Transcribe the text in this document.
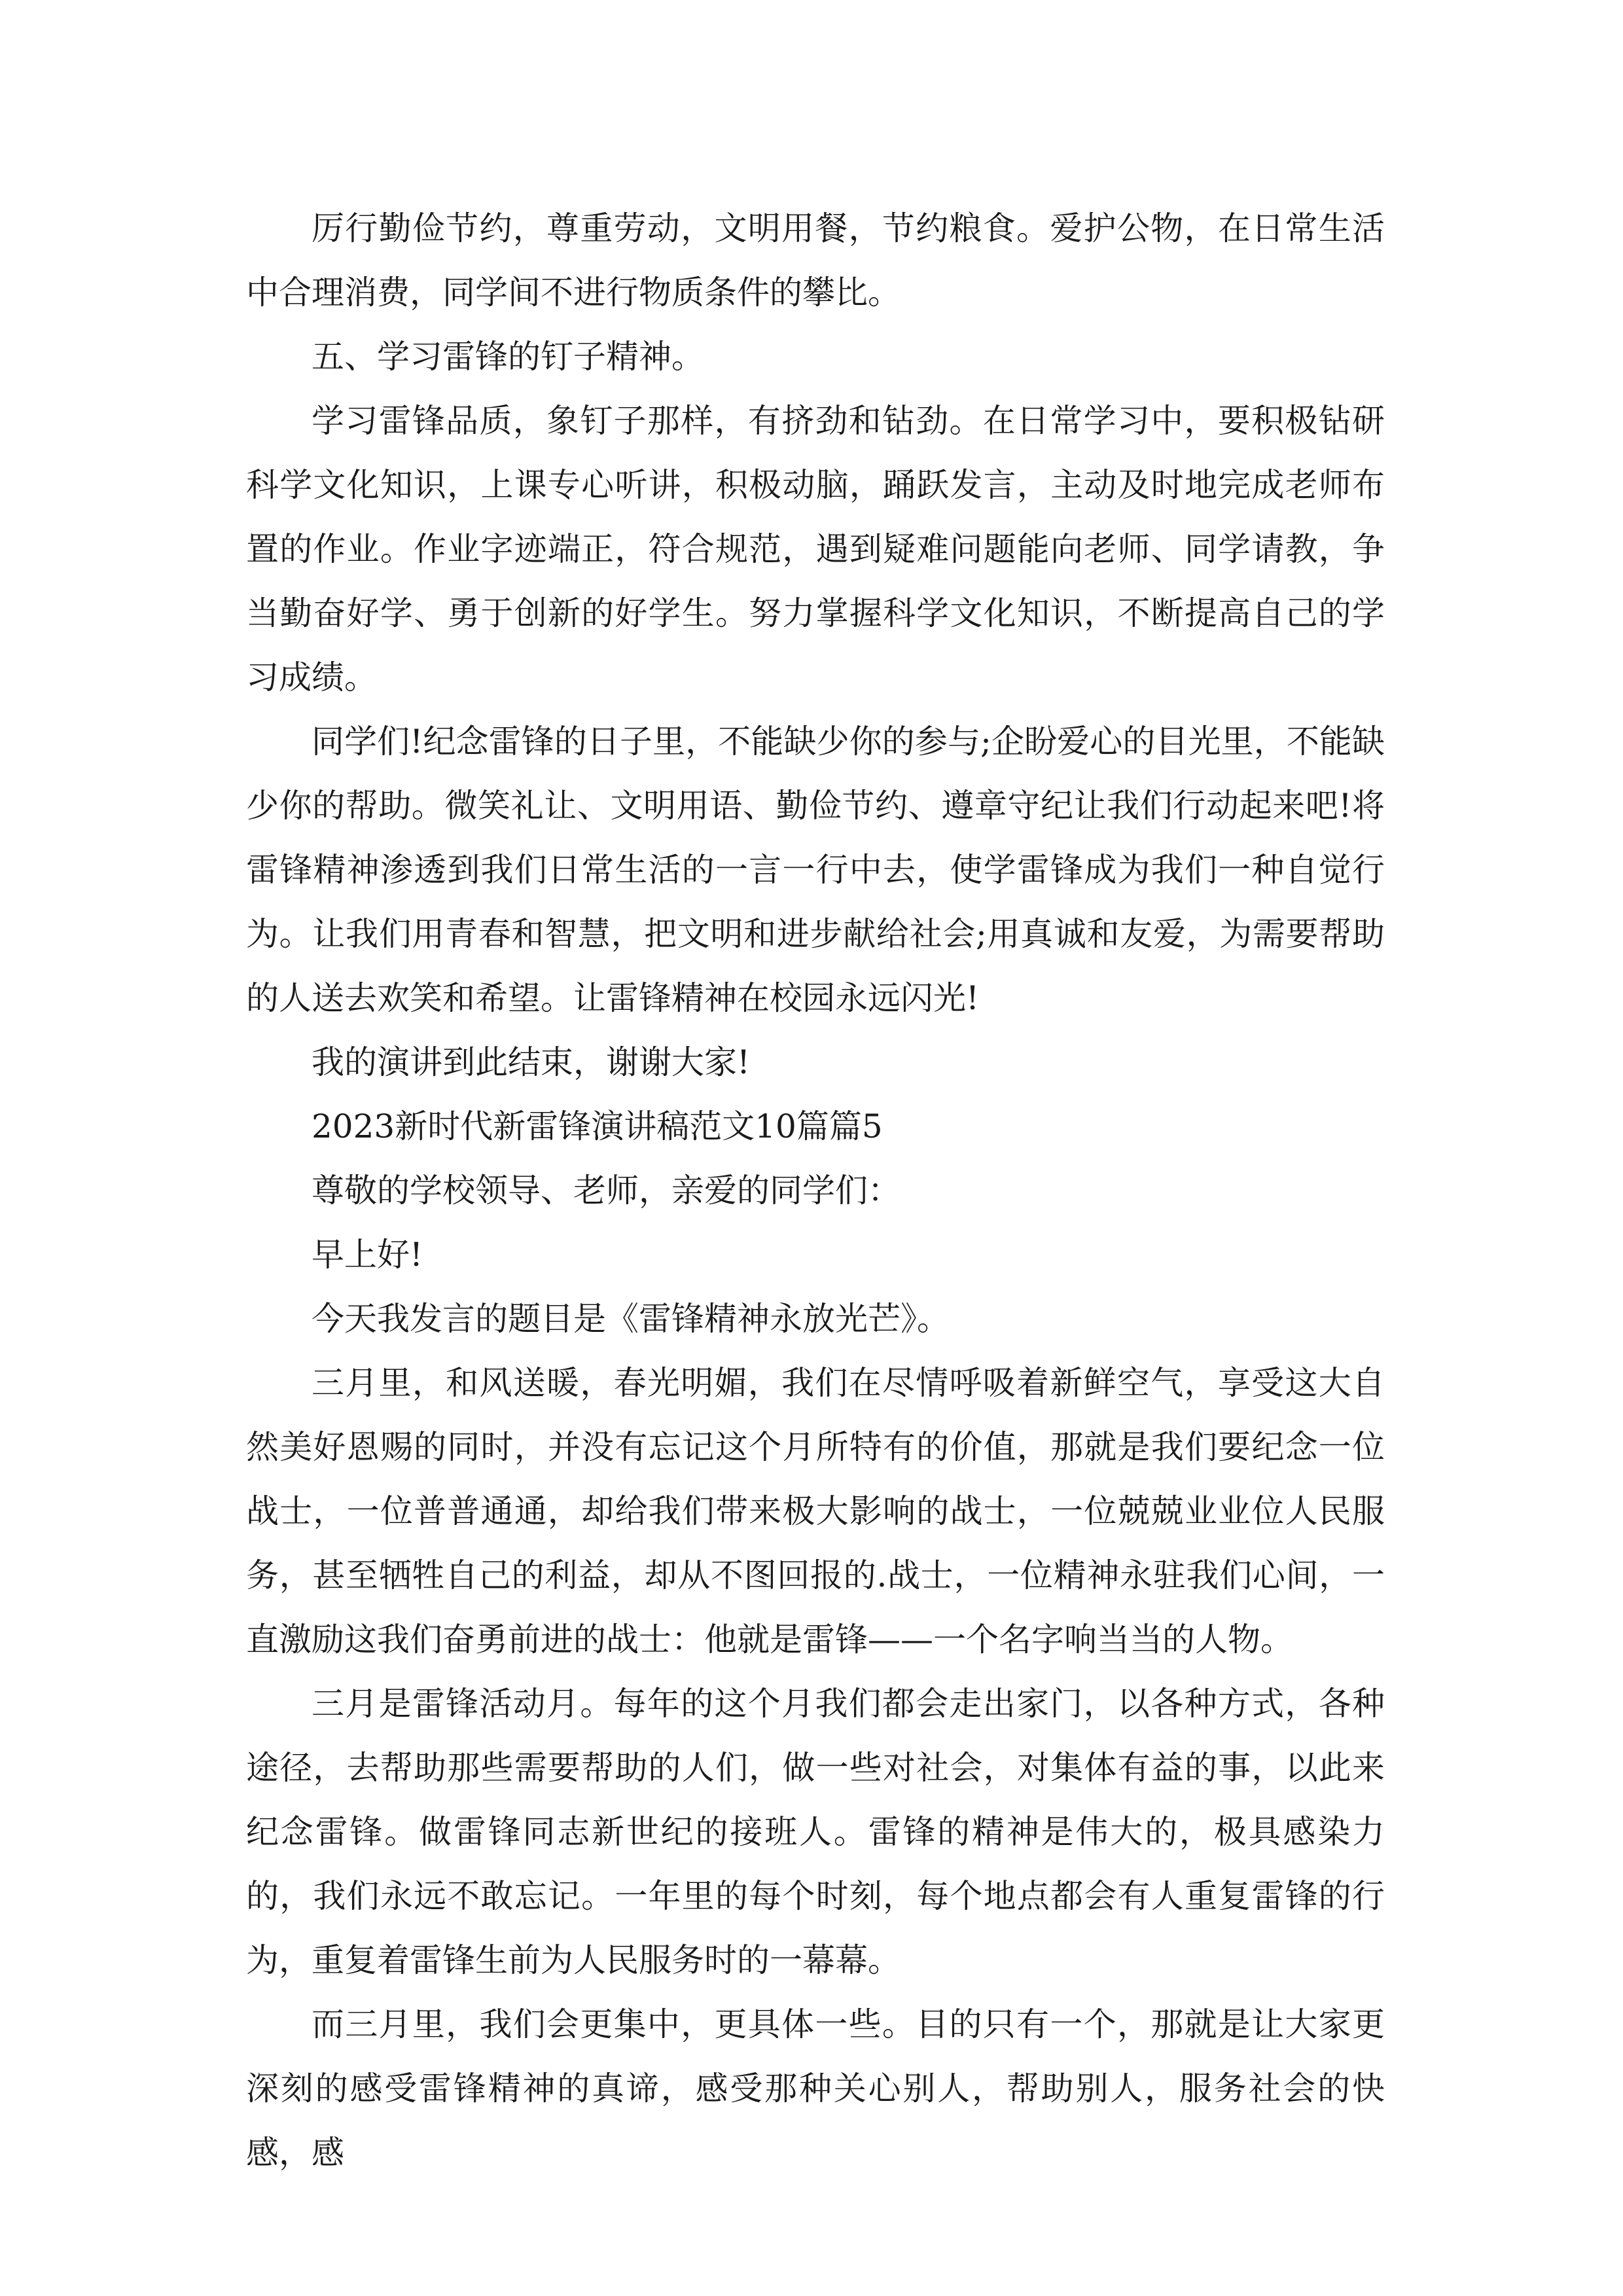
厉行勤俭节约，尊重劳动，文明用餐，节约粮食。爱护公物，在日常生活中合理消费，同学间不进行物质条件的攀比。

五、学习雷锋的钉子精神。

学习雷锋品质，象钉子那样，有挤劲和钻劲。在日常学习中，要积极钻研科学文化知识，上课专心听讲，积极动脑，踊跃发言，主动及时地完成老师布置的作业。作业字迹端正，符合规范，遇到疑难问题能向老师、同学请教，争当勤奋好学、勇于创新的好学生。努力掌握科学文化知识，不断提高自己的学习成绩。

同学们!纪念雷锋的日子里，不能缺少你的参与;企盼爱心的目光里，不能缺少你的帮助。微笑礼让、文明用语、勤俭节约、遵章守纪让我们行动起来吧!将雷锋精神渗透到我们日常生活的一言一行中去，使学雷锋成为我们一种自觉行为。让我们用青春和智慧，把文明和进步献给社会;用真诚和友爱，为需要帮助的人送去欢笑和希望。让雷锋精神在校园永远闪光!

我的演讲到此结束，谢谢大家!

2023新时代新雷锋演讲稿范文10篇篇5

尊敬的学校领导、老师，亲爱的同学们：

早上好!

今天我发言的题目是《雷锋精神永放光芒》。

三月里，和风送暖，春光明媚，我们在尽情呼吸着新鲜空气，享受这大自然美好恩赐的同时，并没有忘记这个月所特有的价值，那就是我们要纪念一位战士，一位普普通通，却给我们带来极大影响的战士，一位兢兢业业位人民服务，甚至牺牲自己的利益，却从不图回报的.战士，一位精神永驻我们心间，一直激励这我们奋勇前进的战士：他就是雷锋——一个名字响当当的人物。

三月是雷锋活动月。每年的这个月我们都会走出家门，以各种方式，各种途径，去帮助那些需要帮助的人们，做一些对社会，对集体有益的事，以此来纪念雷锋。做雷锋同志新世纪的接班人。雷锋的精神是伟大的，极具感染力的，我们永远不敢忘记。一年里的每个时刻，每个地点都会有人重复雷锋的行为，重复着雷锋生前为人民服务时的一幕幕。

而三月里，我们会更集中，更具体一些。目的只有一个，那就是让大家更深刻的感受雷锋精神的真谛，感受那种关心别人，帮助别人，服务社会的快感，感
